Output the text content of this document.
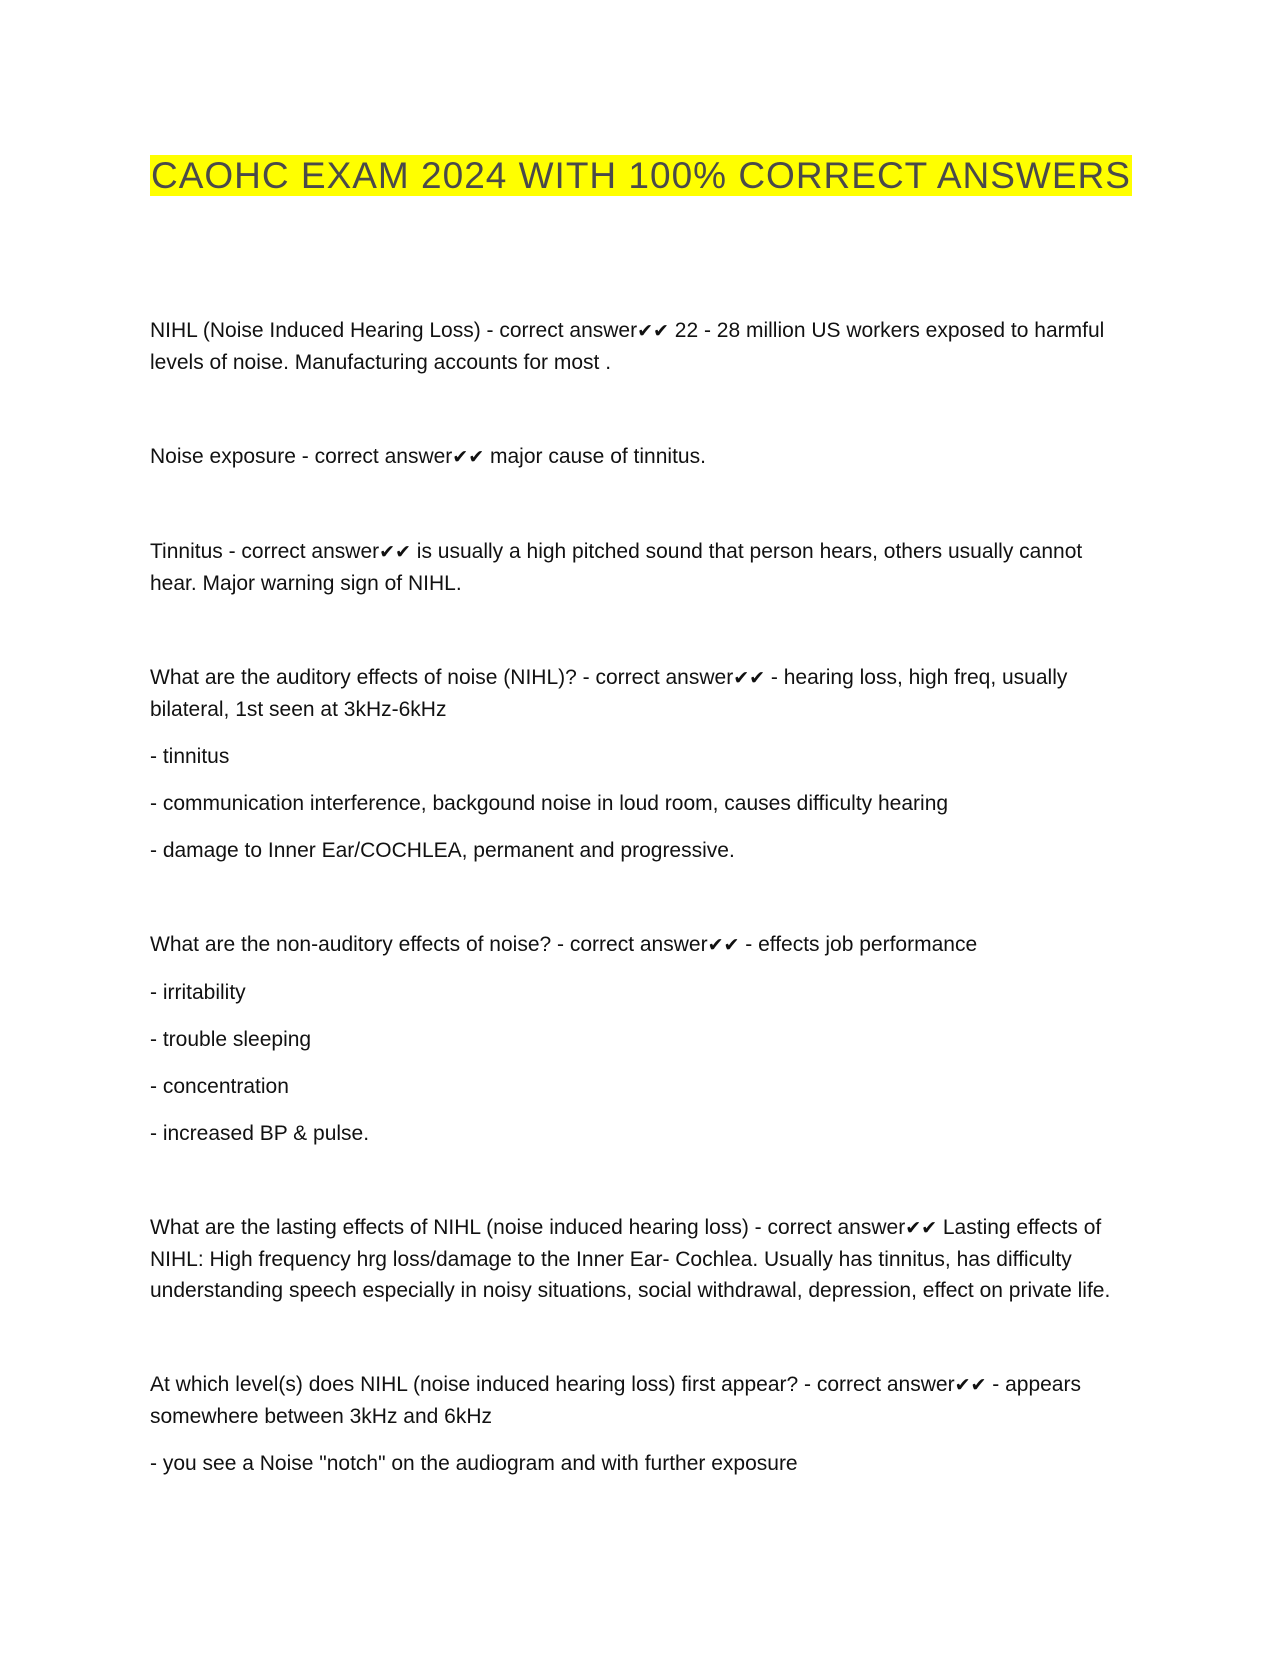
CAOHC EXAM 2024 WITH 100% CORRECT ANSWERS

NIHL (Noise Induced Hearing Loss) - correct answer✔✔ 22 - 28 million US workers exposed to harmful levels of noise. Manufacturing accounts for most .

Noise exposure - correct answer✔✔ major cause of tinnitus.

Tinnitus - correct answer✔✔ is usually a high pitched sound that person hears, others usually cannot hear. Major warning sign of NIHL.

What are the auditory effects of noise (NIHL)? - correct answer✔✔ - hearing loss, high freq, usually bilateral, 1st seen at 3kHz-6kHz

- tinnitus

- communication interference, backgound noise in loud room, causes difficulty hearing

- damage to Inner Ear/COCHLEA, permanent and progressive.

What are the non-auditory effects of noise? - correct answer✔✔ - effects job performance

- irritability

- trouble sleeping

- concentration

- increased BP & pulse.

What are the lasting effects of NIHL (noise induced hearing loss) - correct answer✔✔ Lasting effects of NIHL: High frequency hrg loss/damage to the Inner Ear- Cochlea. Usually has tinnitus, has difficulty understanding speech especially in noisy situations, social withdrawal, depression, effect on private life.

At which level(s) does NIHL (noise induced hearing loss) first appear? - correct answer✔✔ - appears somewhere between 3kHz and 6kHz

- you see a Noise "notch" on the audiogram and with further exposure
